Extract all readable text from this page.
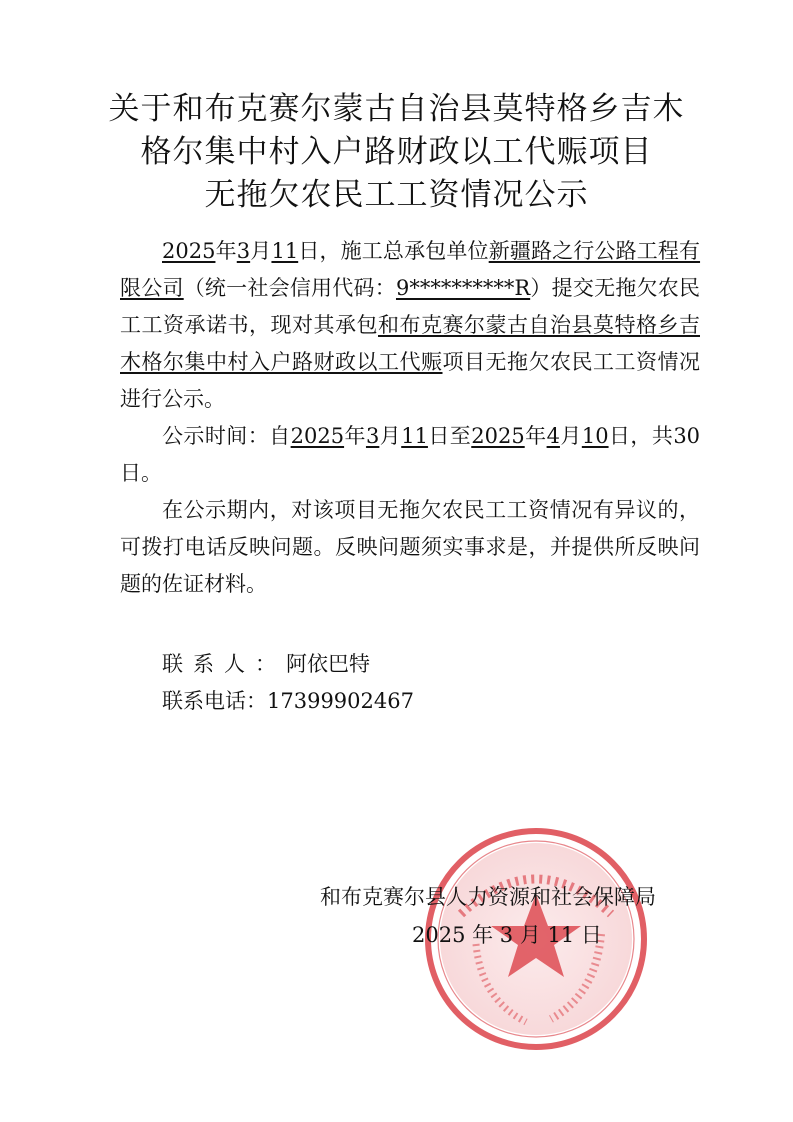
关于和布克赛尔蒙古自治县莫特格乡吉木
格尔集中村入户路财政以工代赈项目
无拖欠农民工工资情况公示

2025年3月11日，施工总承包单位新疆路之行公路工程有限公司（统一社会信用代码：9**********R）提交无拖欠农民工工资承诺书，现对其承包和布克赛尔蒙古自治县莫特格乡吉木格尔集中村入户路财政以工代赈项目无拖欠农民工工资情况进行公示。

公示时间：自2025年3月11日至2025年4月10日，共30日。

在公示期内，对该项目无拖欠农民工工资情况有异议的，可拨打电话反映问题。反映问题须实事求是，并提供所反映问题的佐证材料。

联系人：阿依巴特
联系电话：17399902467
和布克赛尔县人力资源和社会保障局
2025 年 3 月 11 日
